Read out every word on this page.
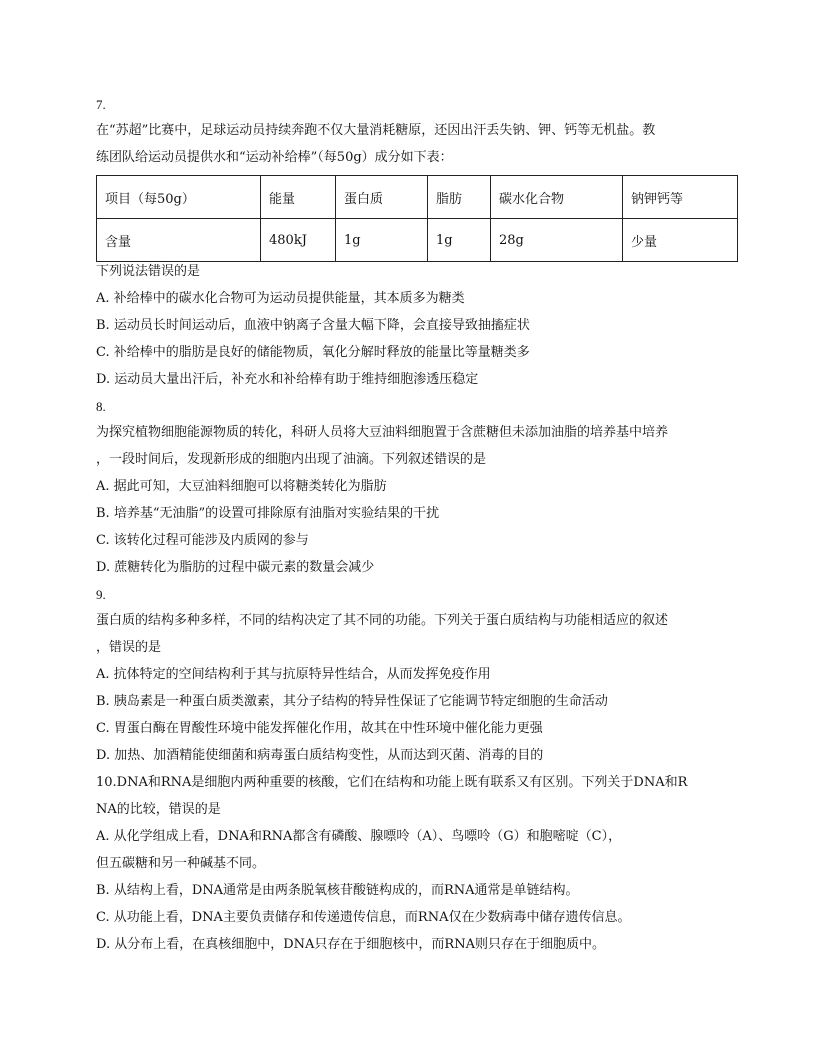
7.
在“苏超”比赛中，足球运动员持续奔跑不仅大量消耗糖原，还因出汗丢失钠、钾、钙等无机盐。教
练团队给运动员提供水和“运动补给棒”（每50g）成分如下表：
项目（每50g）	能量	蛋白质	脂肪	碳水化合物	钠钾钙等
含量	480kJ	1g	1g	28g	少量
下列说法错误的是
A. 补给棒中的碳水化合物可为运动员提供能量，其本质多为糖类
B. 运动员长时间运动后，血液中钠离子含量大幅下降，会直接导致抽搐症状
C. 补给棒中的脂肪是良好的储能物质，氧化分解时释放的能量比等量糖类多
D. 运动员大量出汗后，补充水和补给棒有助于维持细胞渗透压稳定
8.
为探究植物细胞能源物质的转化，科研人员将大豆油料细胞置于含蔗糖但未添加油脂的培养基中培养
，一段时间后，发现新形成的细胞内出现了油滴。下列叙述错误的是
A. 据此可知，大豆油料细胞可以将糖类转化为脂肪
B. 培养基“无油脂”的设置可排除原有油脂对实验结果的干扰
C. 该转化过程可能涉及内质网的参与
D. 蔗糖转化为脂肪的过程中碳元素的数量会减少
9.
蛋白质的结构多种多样，不同的结构决定了其不同的功能。下列关于蛋白质结构与功能相适应的叙述
，错误的是
A. 抗体特定的空间结构利于其与抗原特异性结合，从而发挥免疫作用
B. 胰岛素是一种蛋白质类激素，其分子结构的特异性保证了它能调节特定细胞的生命活动
C. 胃蛋白酶在胃酸性环境中能发挥催化作用，故其在中性环境中催化能力更强
D. 加热、加酒精能使细菌和病毒蛋白质结构变性，从而达到灭菌、消毒的目的
10.DNA和RNA是细胞内两种重要的核酸，它们在结构和功能上既有联系又有区别。下列关于DNA和R
NA的比较，错误的是
A. 从化学组成上看，DNA和RNA都含有磷酸、腺嘌呤（A）、鸟嘌呤（G）和胞嘧啶（C），
但五碳糖和另一种碱基不同。
B. 从结构上看，DNA通常是由两条脱氧核苷酸链构成的，而RNA通常是单链结构。
C. 从功能上看，DNA主要负责储存和传递遗传信息，而RNA仅在少数病毒中储存遗传信息。
D. 从分布上看，在真核细胞中，DNA只存在于细胞核中，而RNA则只存在于细胞质中。
